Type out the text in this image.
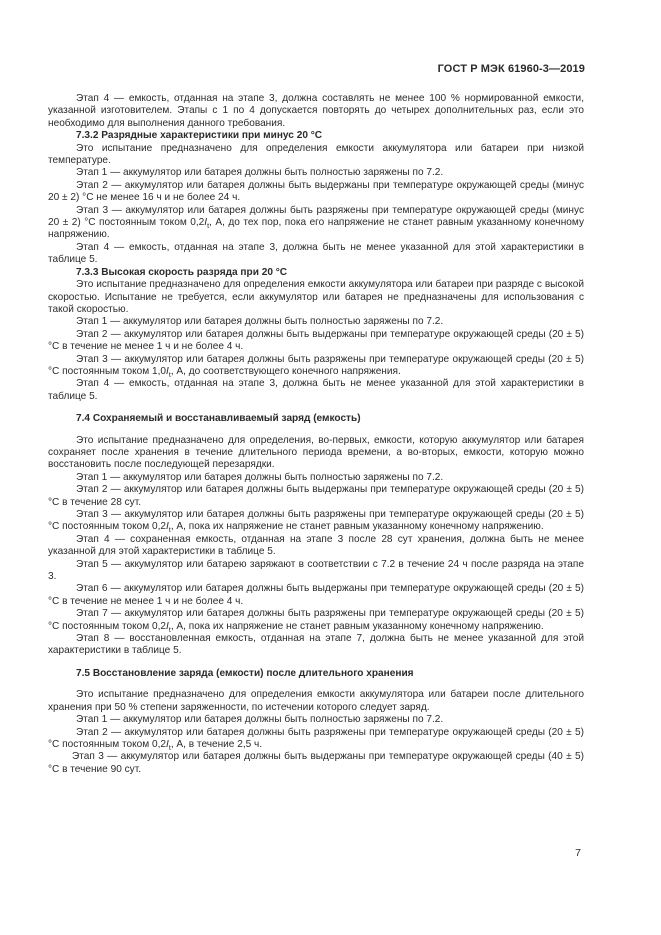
ГОСТ Р МЭК 61960-3—2019

Этап 4 — емкость, отданная на этапе 3, должна составлять не менее 100 % нормированной емкости, указанной изготовителем. Этапы с 1 по 4 допускается повторять до четырех дополнительных раз, если это необходимо для выполнения данного требования.

7.3.2 Разрядные характеристики при минус 20 °С

Это испытание предназначено для определения емкости аккумулятора или батареи при низкой температуре.

Этап 1 — аккумулятор или батарея должны быть полностью заряжены по 7.2.

Этап 2 — аккумулятор или батарея должны быть выдержаны при температуре окружающей среды (минус 20 ± 2) °С не менее 16 ч и не более 24 ч.

Этап 3 — аккумулятор или батарея должны быть разряжены при температуре окружающей среды (минус 20 ± 2) °С постоянным током $0,2I_t$, А, до тех пор, пока его напряжение не станет равным указанному конечному напряжению.

Этап 4 — емкость, отданная на этапе 3, должна быть не менее указанной для этой характеристики в таблице 5.

7.3.3 Высокая скорость разряда при 20 °С

Это испытание предназначено для определения емкости аккумулятора или батареи при разряде с высокой скоростью. Испытание не требуется, если аккумулятор или батарея не предназначены для использования с такой скоростью.

Этап 1 — аккумулятор или батарея должны быть полностью заряжены по 7.2.

Этап 2 — аккумулятор или батарея должны быть выдержаны при температуре окружающей среды (20 ± 5) °С в течение не менее 1 ч и не более 4 ч.

Этап 3 — аккумулятор или батарея должны быть разряжены при температуре окружающей среды (20 ± 5) °С постоянным током $1,0I_t$, А, до соответствующего конечного напряжения.

Этап 4 — емкость, отданная на этапе 3, должна быть не менее указанной для этой характеристики в таблице 5.

7.4 Сохраняемый и восстанавливаемый заряд (емкость)

Это испытание предназначено для определения, во-первых, емкости, которую аккумулятор или батарея сохраняет после хранения в течение длительного периода времени, а во-вторых, емкости, которую можно восстановить после последующей перезарядки.

Этап 1 — аккумулятор или батарея должны быть полностью заряжены по 7.2.

Этап 2 — аккумулятор или батарея должны быть выдержаны при температуре окружающей среды (20 ± 5) °С в течение 28 сут.

Этап 3 — аккумулятор или батарея должны быть разряжены при температуре окружающей среды (20 ± 5) °С постоянным током $0,2I_t$, А, пока их напряжение не станет равным указанному конечному напряжению.

Этап 4 — сохраненная емкость, отданная на этапе 3 после 28 сут хранения, должна быть не менее указанной для этой характеристики в таблице 5.

Этап 5 — аккумулятор или батарею заряжают в соответствии с 7.2 в течение 24 ч после разряда на этапе 3.

Этап 6 — аккумулятор или батарея должны быть выдержаны при температуре окружающей среды (20 ± 5) °С в течение не менее 1 ч и не более 4 ч.

Этап 7 — аккумулятор или батарея должны быть разряжены при температуре окружающей среды (20 ± 5) °С постоянным током $0,2I_t$, А, пока их напряжение не станет равным указанному конечному напряжению.

Этап 8 — восстановленная емкость, отданная на этапе 7, должна быть не менее указанной для этой характеристики в таблице 5.

7.5 Восстановление заряда (емкости) после длительного хранения

Это испытание предназначено для определения емкости аккумулятора или батареи после длительного хранения при 50 % степени заряженности, по истечении которого следует заряд.

Этап 1 — аккумулятор или батарея должны быть полностью заряжены по 7.2.

Этап 2 — аккумулятор или батарея должны быть разряжены при температуре окружающей среды (20 ± 5) °С постоянным током $0,2I_t$, А, в течение 2,5 ч.

Этап 3 — аккумулятор или батарея должны быть выдержаны при температуре окружающей среды (40 ± 5) °С в течение 90 сут.

7
